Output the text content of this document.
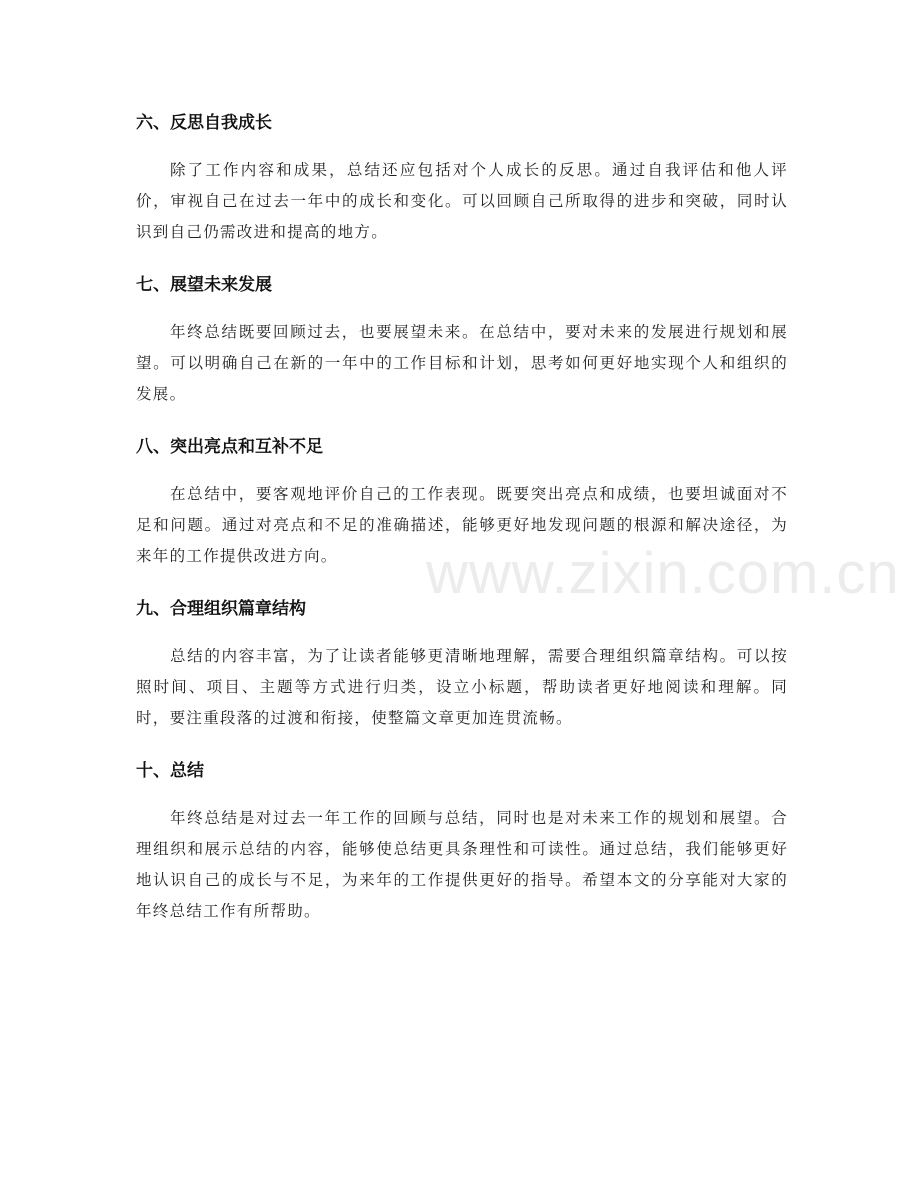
六、反思自我成长

除了工作内容和成果，总结还应包括对个人成长的反思。通过自我评估和他人评价，审视自己在过去一年中的成长和变化。可以回顾自己所取得的进步和突破，同时认识到自己仍需改进和提高的地方。

七、展望未来发展

年终总结既要回顾过去，也要展望未来。在总结中，要对未来的发展进行规划和展望。可以明确自己在新的一年中的工作目标和计划，思考如何更好地实现个人和组织的发展。

八、突出亮点和互补不足

在总结中，要客观地评价自己的工作表现。既要突出亮点和成绩，也要坦诚面对不足和问题。通过对亮点和不足的准确描述，能够更好地发现问题的根源和解决途径，为来年的工作提供改进方向。

九、合理组织篇章结构

总结的内容丰富，为了让读者能够更清晰地理解，需要合理组织篇章结构。可以按照时间、项目、主题等方式进行归类，设立小标题，帮助读者更好地阅读和理解。同时，要注重段落的过渡和衔接，使整篇文章更加连贯流畅。

十、总结

年终总结是对过去一年工作的回顾与总结，同时也是对未来工作的规划和展望。合理组织和展示总结的内容，能够使总结更具条理性和可读性。通过总结，我们能够更好地认识自己的成长与不足，为来年的工作提供更好的指导。希望本文的分享能对大家的年终总结工作有所帮助。

www.zixin.com.cn
